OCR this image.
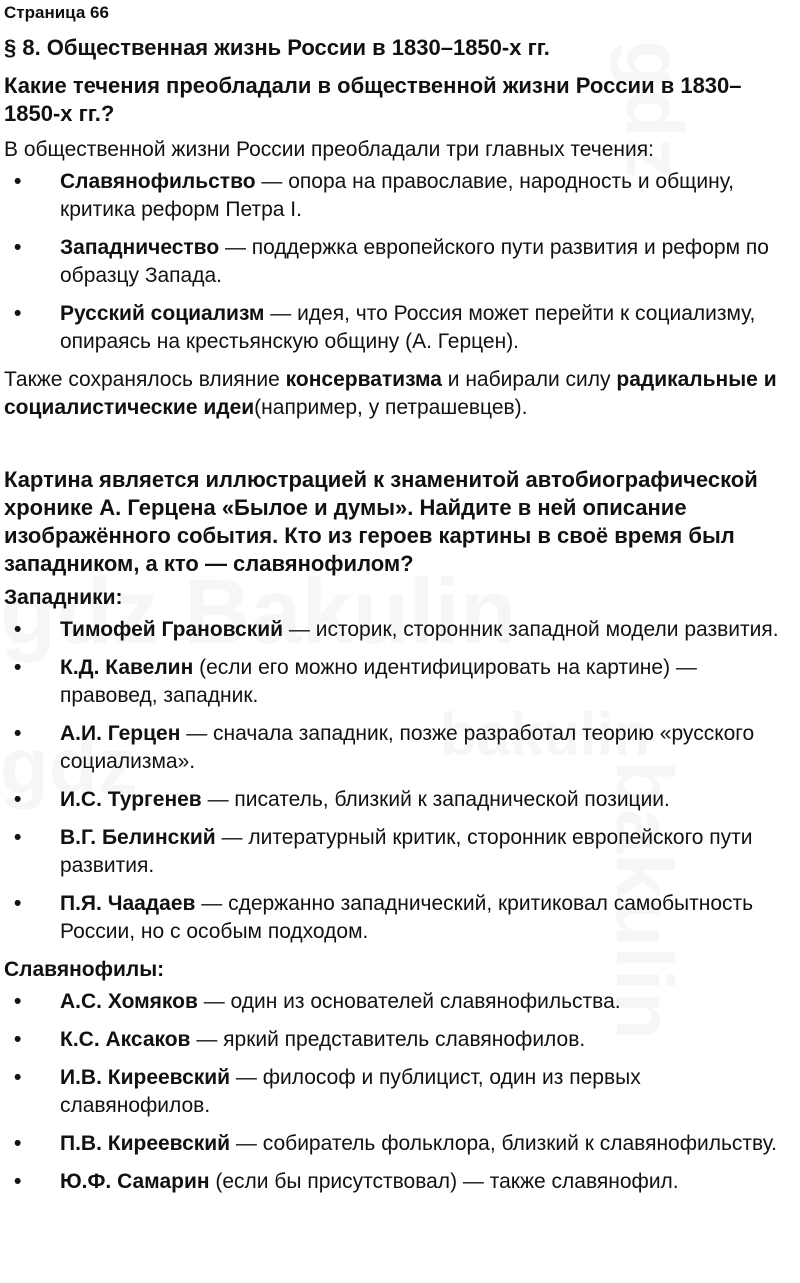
Страница 66
§ 8. Общественная жизнь России в 1830–1850-х гг.
Какие течения преобладали в общественной жизни России в 1830–1850-х гг.?

В общественной жизни России преобладали три главных течения:

• Славянофильство — опора на православие, народность и общину, критика реформ Петра I.
• Западничество — поддержка европейского пути развития и реформ по образцу Запада.
• Русский социализм — идея, что Россия может перейти к социализму, опираясь на крестьянскую общину (А. Герцен).

Также сохранялось влияние консерватизма и набирали силу радикальные и социалистические идеи(например, у петрашевцев).

Картина является иллюстрацией к знаменитой автобиографической хронике А. Герцена «Былое и думы». Найдите в ней описание изображённого события. Кто из героев картины в своё время был западником, а кто — славянофилом?
Западники:
• Тимофей Грановский — историк, сторонник западной модели развития.
• К.Д. Кавелин (если его можно идентифицировать на картине) — правовед, западник.
• А.И. Герцен — сначала западник, позже разработал теорию «русского социализма».
• И.С. Тургенев — писатель, близкий к западнической позиции.
• В.Г. Белинский — литературный критик, сторонник европейского пути развития.
• П.Я. Чаадаев — сдержанно западнический, критиковал самобытность России, но с особым подходом.
Славянофилы:
• А.С. Хомяков — один из основателей славянофильства.
• К.С. Аксаков — яркий представитель славянофилов.
• И.В. Киреевский — философ и публицист, один из первых славянофилов.
• П.В. Киреевский — собиратель фольклора, близкий к славянофильству.
• Ю.Ф. Самарин (если бы присутствовал) — также славянофил.
